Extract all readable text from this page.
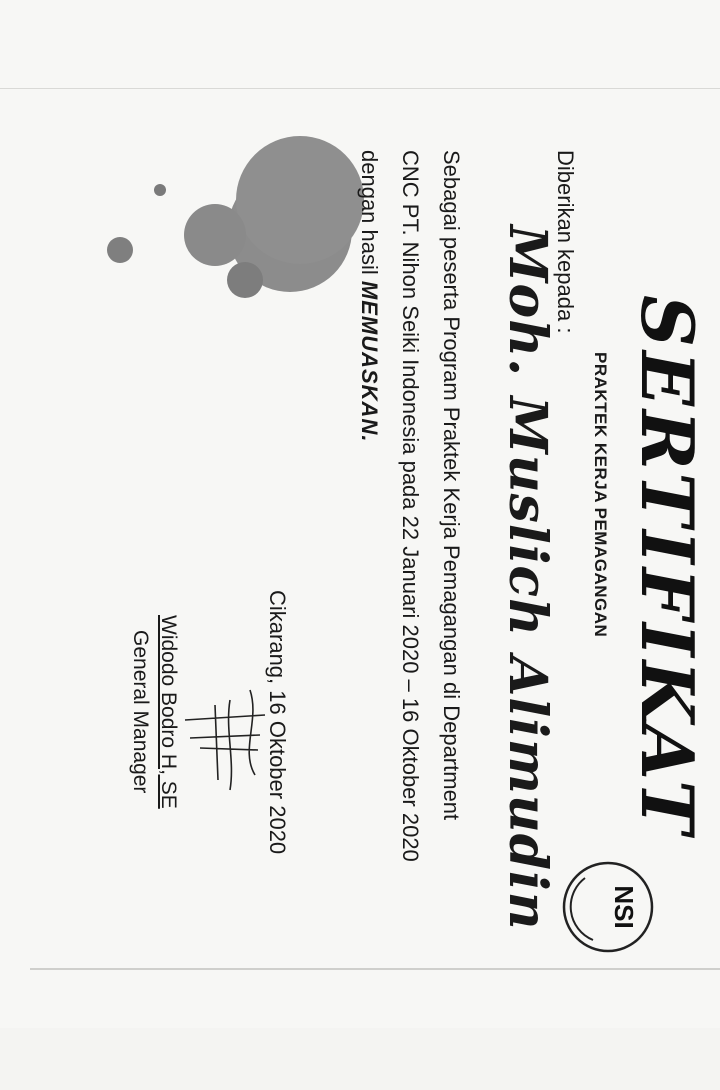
SERTIFIKAT
PRAKTEK KERJA PEMAGANGAN
Diberikan kepada :
Moh. Muslich Alimudin
Sebagai peserta Program Praktek Kerja Pemagangan di Department
CNC PT. Nihon Seiki Indonesia pada 22 Januari 2020 – 16 Oktober 2020
dengan hasil MEMUASKAN.
Cikarang, 16 Oktober 2020
Widodo Bodro H, SE
General Manager
NSI
